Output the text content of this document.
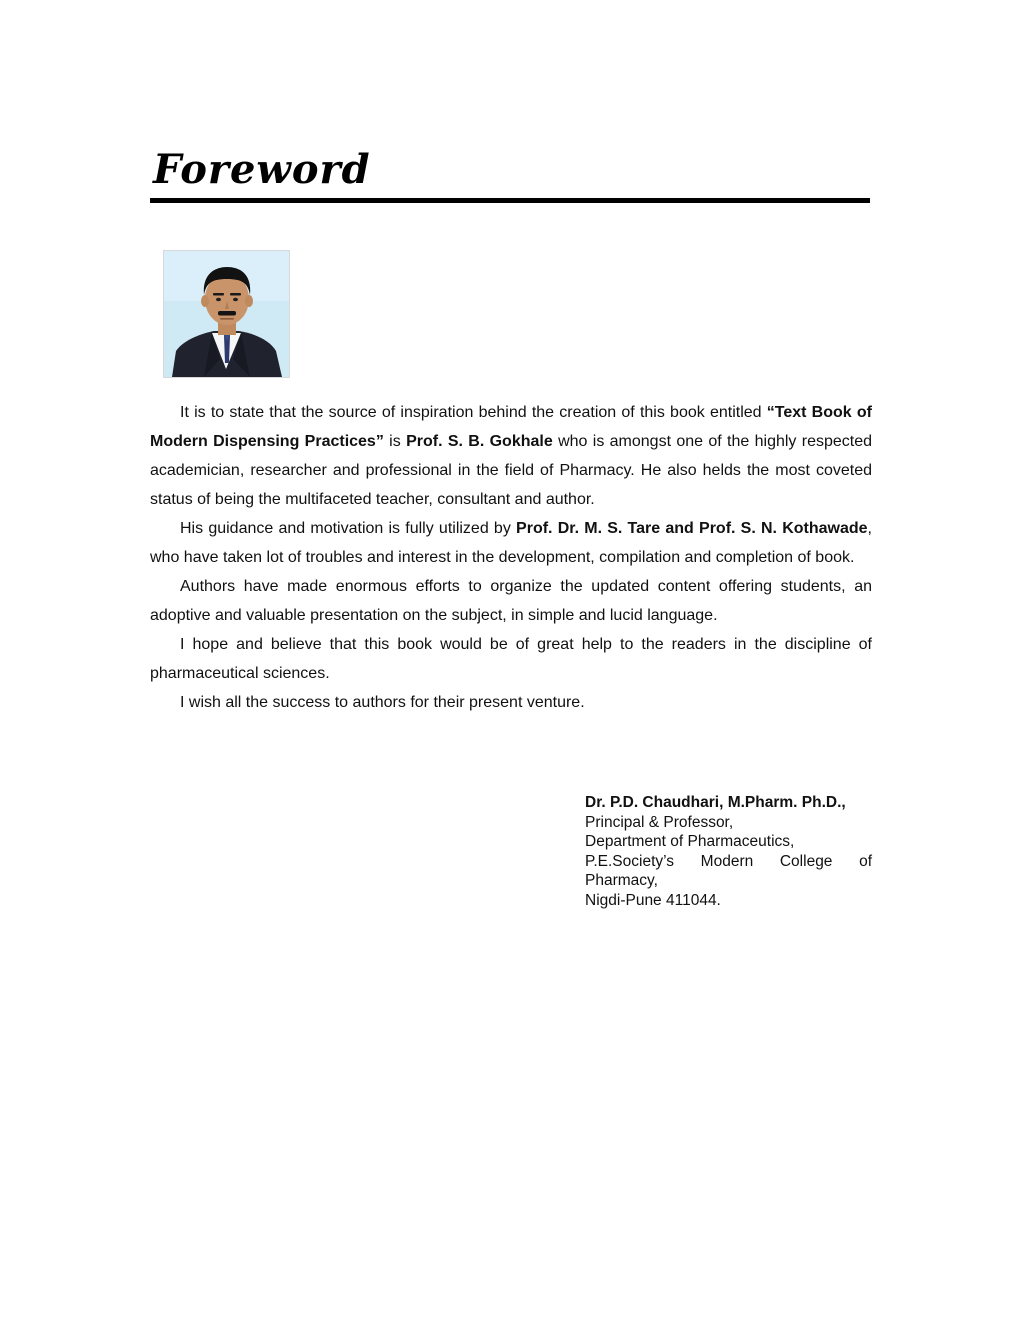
Foreword

It is to state that the source of inspiration behind the creation of this book entitled “Text Book of Modern Dispensing Practices” is Prof. S. B. Gokhale who is amongst one of the highly respected academician, researcher and professional in the field of Pharmacy. He also helds the most coveted status of being the multifaceted teacher, consultant and author.

His guidance and motivation is fully utilized by Prof. Dr. M. S. Tare and Prof. S. N. Kothawade, who have taken lot of troubles and interest in the development, compilation and completion of book.

Authors have made enormous efforts to organize the updated content offering students, an adoptive and valuable presentation on the subject, in simple and lucid language.

I hope and believe that this book would be of great help to the readers in the discipline of pharmaceutical sciences.

I wish all the success to authors for their present venture.

Dr. P.D. Chaudhari, M.Pharm. Ph.D.,
Principal & Professor,
Department of Pharmaceutics,
P.E.Society’s Modern College of
Pharmacy,
Nigdi-Pune 411044.
